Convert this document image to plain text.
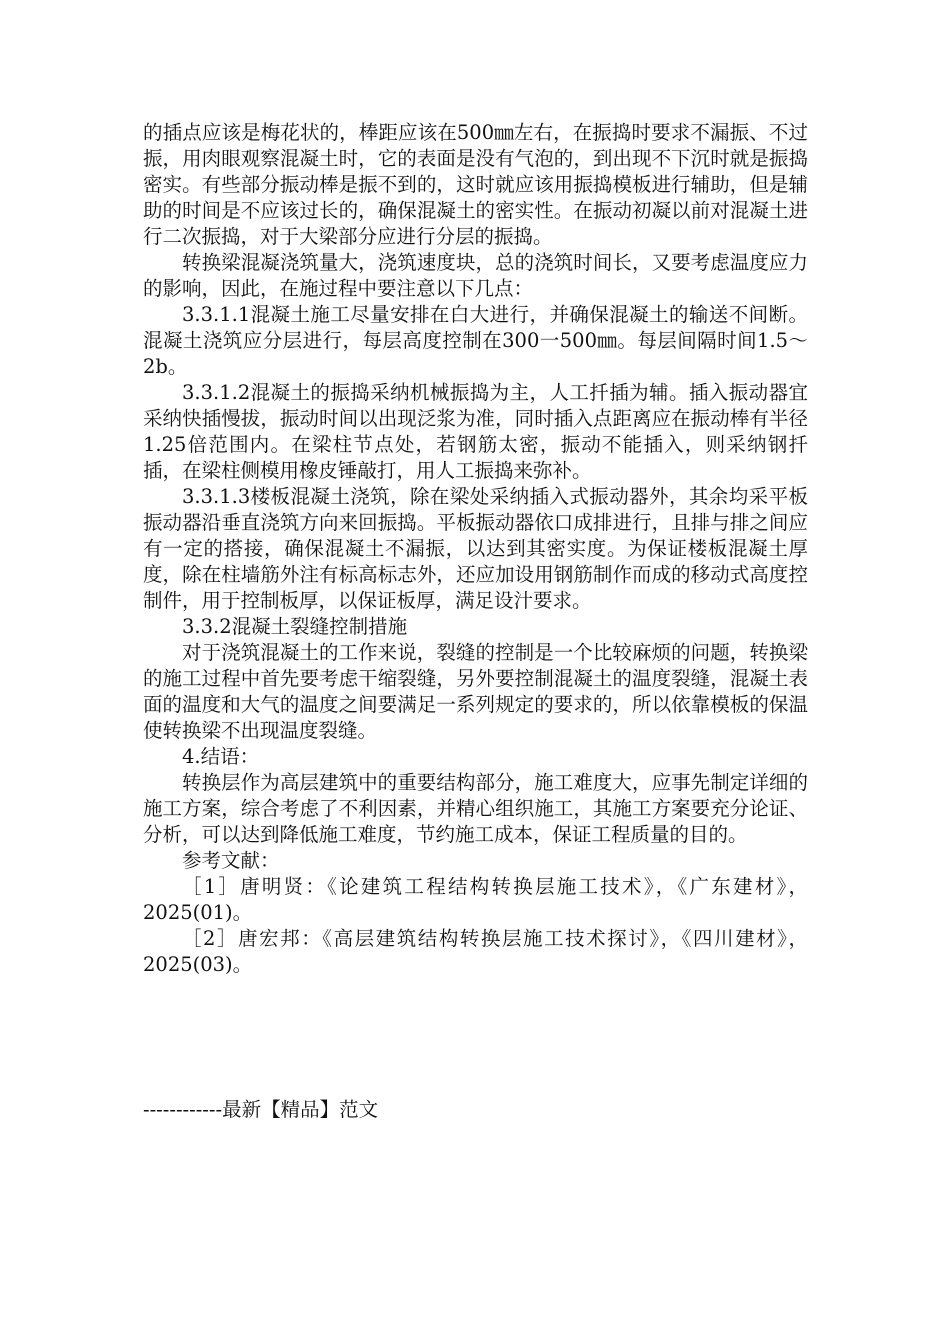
的插点应该是梅花状的，棒距应该在500㎜左右，在振捣时要求不漏振、不过振，用肉眼观察混凝土时，它的表面是没有气泡的，到出现不下沉时就是振捣密实。有些部分振动棒是振不到的，这时就应该用振捣模板进行辅助，但是辅助的时间是不应该过长的，确保混凝土的密实性。在振动初凝以前对混凝土进行二次振捣，对于大梁部分应进行分层的振捣。

转换梁混凝浇筑量大，浇筑速度块，总的浇筑时间长，又要考虑温度应力的影响，因此，在施过程中要注意以下几点：

3.3.1.1混凝土施工尽量安排在白大进行，并确保混凝土的输送不间断。混凝土浇筑应分层进行，每层高度控制在300一500㎜。每层间隔时间1.5～2b。

3.3.1.2混凝土的振捣采纳机械振捣为主，人工扦插为辅。插入振动器宜采纳快插慢拔，振动时间以出现泛浆为准，同时插入点距离应在振动棒有半径1.25倍范围内。在梁柱节点处，若钢筋太密，振动不能插入，则采纳钢扦插，在梁柱侧模用橡皮锤敲打，用人工振捣来弥补。

3.3.1.3楼板混凝土浇筑，除在梁处采纳插入式振动器外，其余均采平板振动器沿垂直浇筑方向来回振捣。平板振动器依口成排进行，且排与排之间应有一定的搭接，确保混凝土不漏振，以达到其密实度。为保证楼板混凝土厚度，除在柱墙筋外注有标高标志外，还应加设用钢筋制作而成的移动式高度控制件，用于控制板厚，以保证板厚，满足设汁要求。

3.3.2混凝土裂缝控制措施

对于浇筑混凝土的工作来说，裂缝的控制是一个比较麻烦的问题，转换梁的施工过程中首先要考虑干缩裂缝，另外要控制混凝土的温度裂缝，混凝土表面的温度和大气的温度之间要满足一系列规定的要求的，所以依靠模板的保温使转换梁不出现温度裂缝。

4.结语：

转换层作为高层建筑中的重要结构部分，施工难度大，应事先制定详细的施工方案，综合考虑了不利因素，并精心组织施工，其施工方案要充分论证、分析，可以达到降低施工难度，节约施工成本，保证工程质量的目的。

参考文献：

［1］唐明贤：《论建筑工程结构转换层施工技术》，《广东建材》，2025(01)。

［2］唐宏邦：《高层建筑结构转换层施工技术探讨》，《四川建材》，2025(03)。

------------最新【精品】范文
